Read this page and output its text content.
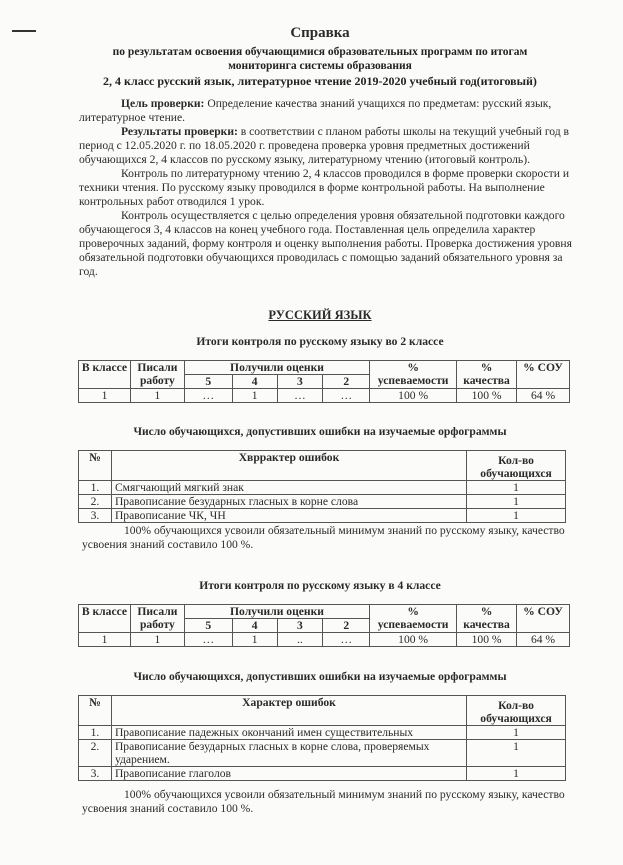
Справка
по результатам освоения обучающимися образовательных программ по итогам
мониторинга системы образования
2, 4 класс русский язык, литературное чтение 2019-2020 учебный год(итоговый)

Цель проверки: Определение качества знаний учащихся по предметам: русский язык, литературное чтение.

Результаты проверки: в соответствии с планом работы школы на текущий учебный год в период с 12.05.2020 г. по 18.05.2020 г. проведена проверка уровня предметных достижений обучающихся 2, 4 классов по русскому языку, литературному чтению (итоговый контроль).

Контроль по литературному чтению 2, 4 классов проводился в форме проверки скорости и техники чтения. По русскому языку проводился в форме контрольной работы. На выполнение контрольных работ отводился 1 урок.

Контроль осуществляется с целью определения уровня обязательной подготовки каждого обучающегося 3, 4 классов на конец учебного года. Поставленная цель определила характер проверочных заданий, форму контроля и оценку выполнения работы. Проверка достижения уровня обязательной подготовки обучающихся проводилась с помощью заданий обязательного уровня за год.

РУССКИЙ ЯЗЫК
Итоги контроля по русскому языку во 2 классе
В классе	Писали работу	Получили оценки				% успеваемости	% качества	% СОУ
		5	4	3	2			
1	1	…	1	…	…	100 %	100 %	64 %
Число обучающихся, допустивших ошибки на изучаемые орфограммы
№	Хвррактер ошибок	Кол-во обучающихся
1.	Смягчающий мягкий знак	1
2.	Правописание безударных гласных в корне слова	1
3.	Правописание ЧК, ЧН	1
100% обучающихся усвоили обязательный минимум знаний по русскому языку, качество усвоения знаний составило 100 %.
Итоги контроля по русскому языку в 4 классе
В классе	Писали работу	Получили оценки				% успеваемости	% качества	% СОУ
		5	4	3	2			
1	1	…	1	..	…	100 %	100 %	64 %
Число обучающихся, допустивших ошибки на изучаемые орфограммы
№	Характер ошибок	Кол-во обучающихся
1.	Правописание падежных окончаний имен существительных	1
2.	Правописание безударных гласных в корне слова, проверяемых ударением.	1
3.	Правописание глаголов	1
100% обучающихся усвоили обязательный минимум знаний по русскому языку, качество усвоения знаний составило 100 %.
